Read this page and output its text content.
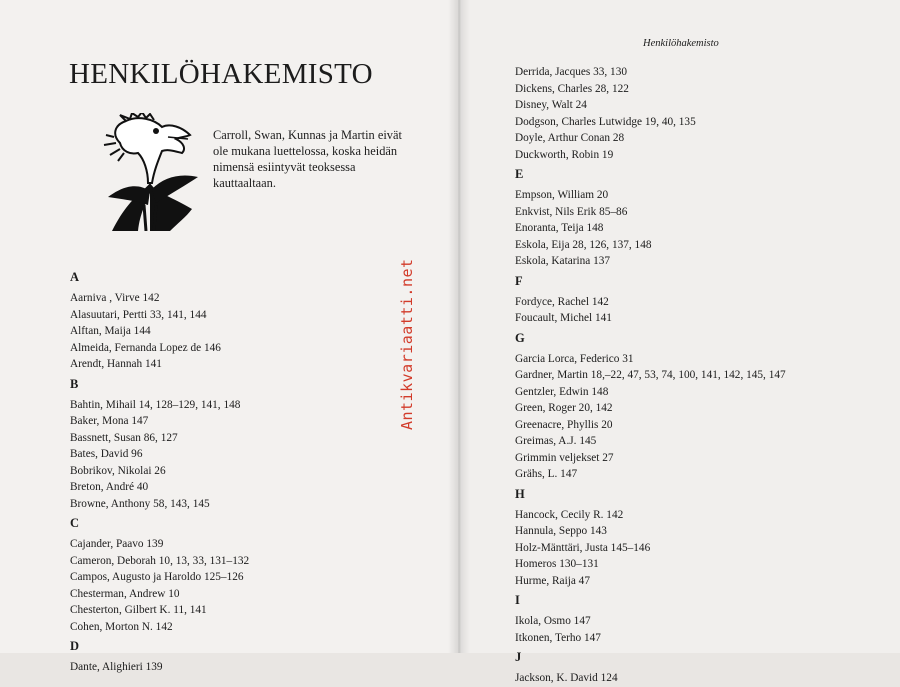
HENKILÖHAKEMISTO
Carroll, Swan, Kunnas ja Martin eivät ole mukana luettelossa, koska heidän nimensä esiintyvät teoksessa kauttaaltaan.
A
Aarniva , Virve 142
Alasuutari, Pertti 33, 141, 144
Alftan, Maija 144
Almeida, Fernanda Lopez de 146
Arendt, Hannah 141
B
Bahtin, Mihail 14, 128–129, 141, 148
Baker, Mona 147
Bassnett, Susan 86, 127
Bates, David 96
Bobrikov, Nikolai 26
Breton, André 40
Browne, Anthony 58, 143, 145
C
Cajander, Paavo 139
Cameron, Deborah 10, 13, 33, 131–132
Campos, Augusto ja Haroldo 125–126
Chesterman, Andrew 10
Chesterton, Gilbert K. 11, 141
Cohen, Morton N. 142
D
Dante, Alighieri 139
Antikvariaatti.net
Henkilöhakemisto
Derrida, Jacques 33, 130
Dickens, Charles 28, 122
Disney, Walt 24
Dodgson, Charles Lutwidge 19, 40, 135
Doyle, Arthur Conan 28
Duckworth, Robin 19
E
Empson, William 20
Enkvist, Nils Erik 85–86
Enoranta, Teija 148
Eskola, Eija 28, 126, 137, 148
Eskola, Katarina 137
F
Fordyce, Rachel 142
Foucault, Michel 141
G
Garcia Lorca, Federico 31
Gardner, Martin 18,–22, 47, 53, 74, 100, 141, 142, 145, 147
Gentzler, Edwin 148
Green, Roger 20, 142
Greenacre, Phyllis 20
Greimas, A.J. 145
Grimmin veljekset 27
Grähs, L. 147
H
Hancock, Cecily R. 142
Hannula, Seppo 143
Holz-Mänttäri, Justa 145–146
Homeros 130–131
Hurme, Raija 47
I
Ikola, Osmo 147
Itkonen, Terho 147
J
Jackson, K. David 124
